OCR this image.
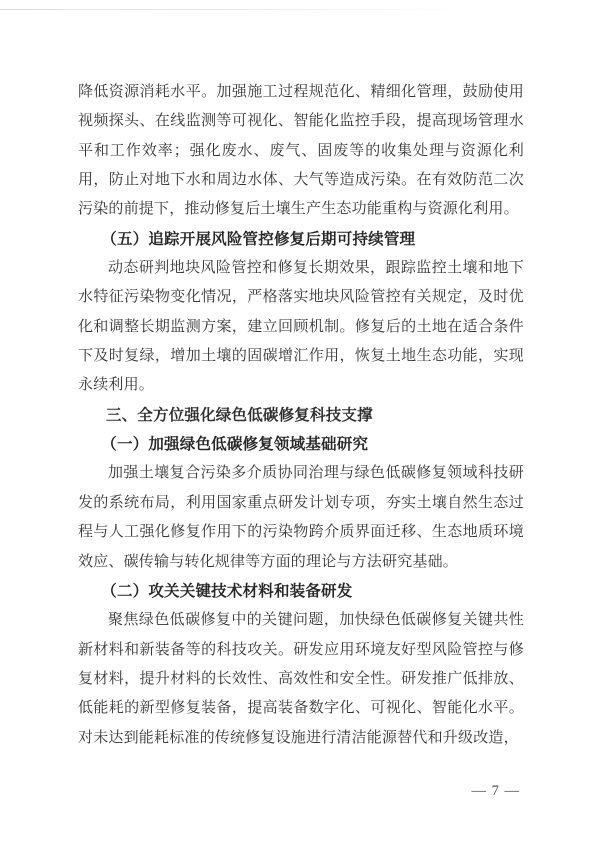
降低资源消耗水平。加强施工过程规范化、精细化管理，鼓励使用视频探头、在线监测等可视化、智能化监控手段，提高现场管理水平和工作效率；强化废水、废气、固废等的收集处理与资源化利用，防止对地下水和周边水体、大气等造成污染。在有效防范二次污染的前提下，推动修复后土壤生产生态功能重构与资源化利用。

（五）追踪开展风险管控修复后期可持续管理

动态研判地块风险管控和修复长期效果，跟踪监控土壤和地下水特征污染物变化情况，严格落实地块风险管控有关规定，及时优化和调整长期监测方案，建立回顾机制。修复后的土地在适合条件下及时复绿，增加土壤的固碳增汇作用，恢复土地生态功能，实现永续利用。

三、全方位强化绿色低碳修复科技支撑
（一）加强绿色低碳修复领域基础研究

加强土壤复合污染多介质协同治理与绿色低碳修复领域科技研发的系统布局，利用国家重点研发计划专项，夯实土壤自然生态过程与人工强化修复作用下的污染物跨介质界面迁移、生态地质环境效应、碳传输与转化规律等方面的理论与方法研究基础。

（二）攻关关键技术材料和装备研发

聚焦绿色低碳修复中的关键问题，加快绿色低碳修复关键共性新材料和新装备等的科技攻关。研发应用环境友好型风险管控与修复材料，提升材料的长效性、高效性和安全性。研发推广低排放、低能耗的新型修复装备，提高装备数字化、可视化、智能化水平。对未达到能耗标准的传统修复设施进行清洁能源替代和升级改造，

— 7 —
